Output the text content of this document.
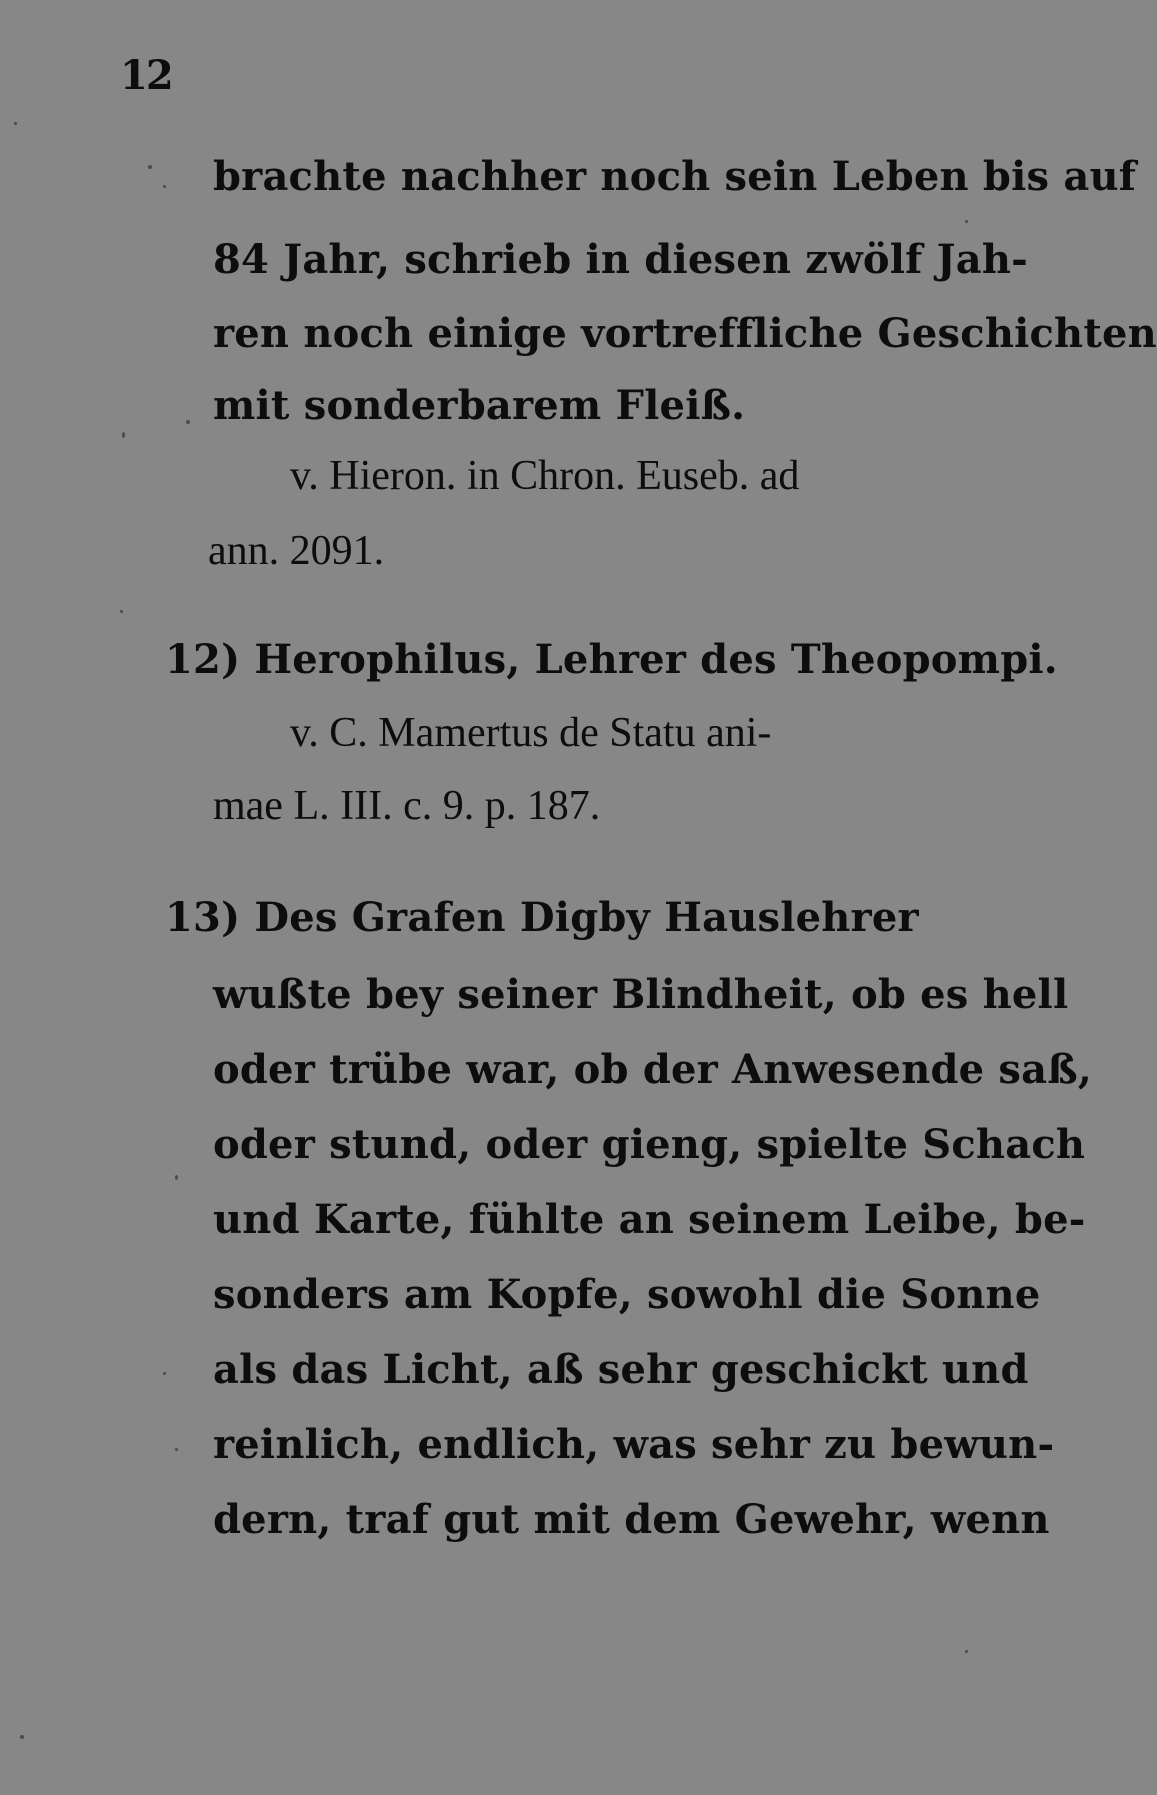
12
brachte nachher noch sein Leben bis auf
84 Jahr, schrieb in diesen zwölf Jah-
ren noch einige vortreffliche Geschichten
mit sonderbarem Fleiß.
v. Hieron. in Chron. Euseb. ad
ann. 2091.
12) Herophilus, Lehrer des Theopompi.
v. C. Mamertus de Statu ani-
mae L. III. c. 9. p. 187.
13) Des Grafen Digby Hauslehrer
wußte bey seiner Blindheit, ob es hell
oder trübe war, ob der Anwesende saß,
oder stund, oder gieng, spielte Schach
und Karte, fühlte an seinem Leibe, be-
sonders am Kopfe, sowohl die Sonne
als das Licht, aß sehr geschickt und
reinlich, endlich, was sehr zu bewun-
dern, traf gut mit dem Gewehr, wenn
